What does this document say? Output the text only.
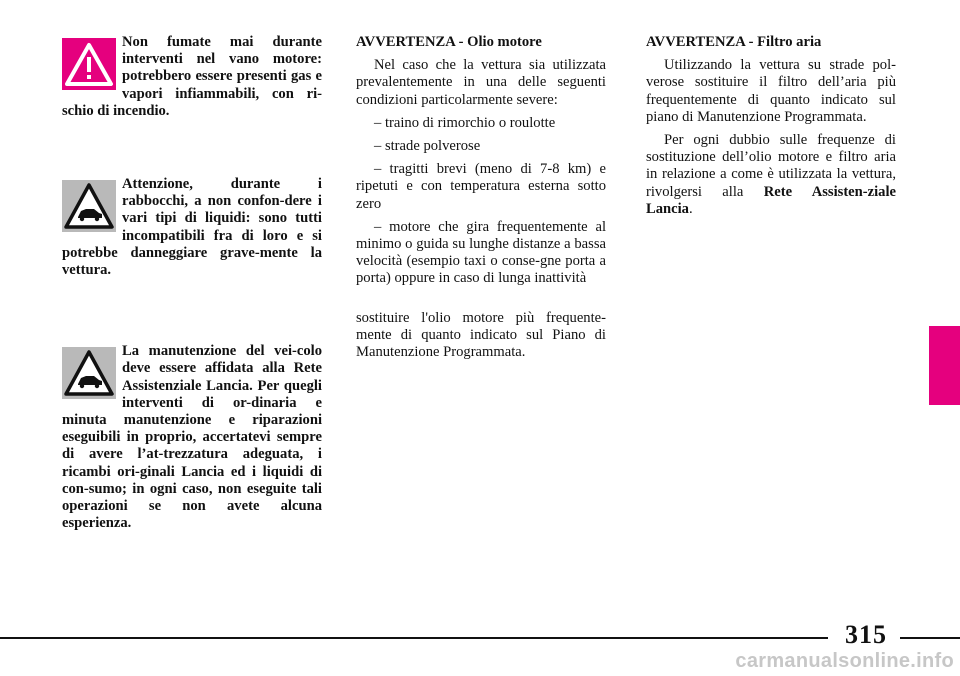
Non fumate mai durante interventi nel vano motore: potrebbero essere presenti gas e vapori infiammabili, con ri-schio di incendio.

Attenzione, durante i rabbocchi, a non confon-dere i vari tipi di liquidi: sono tutti incompatibili fra di loro e si potrebbe danneggiare grave-mente la vettura.

La manutenzione del vei-colo deve essere affidata alla Rete Assistenziale Lancia. Per quegli interventi di or-dinaria e minuta manutenzione e riparazioni eseguibili in proprio, accertatevi sempre di avere l’at-trezzatura adeguata, i ricambi ori-ginali Lancia ed i liquidi di con-sumo; in ogni caso, non eseguite tali operazioni se non avete alcuna esperienza.

AVVERTENZA - Olio motore

Nel caso che la vettura sia utilizzata prevalentemente in una delle seguenti condizioni particolarmente severe:

– traino di rimorchio o roulotte

– strade polverose

– tragitti brevi (meno di 7-8 km) e ripetuti e con temperatura esterna sotto zero

– motore che gira frequentemente al minimo o guida su lunghe distanze a bassa velocità (esempio taxi o conse-gne porta a porta) oppure in caso di lunga inattività

sostituire l'olio motore più frequente-mente di quanto indicato sul Piano di Manutenzione Programmata.

AVVERTENZA - Filtro aria

Utilizzando la vettura su strade pol-verose sostituire il filtro dell’aria più frequentemente di quanto indicato sul piano di Manutenzione Programmata.

Per ogni dubbio sulle frequenze di sostituzione dell’olio motore e filtro aria in relazione a come è utilizzata la vettura, rivolgersi alla Rete Assisten-ziale Lancia.

315
carmanualsonline.info
